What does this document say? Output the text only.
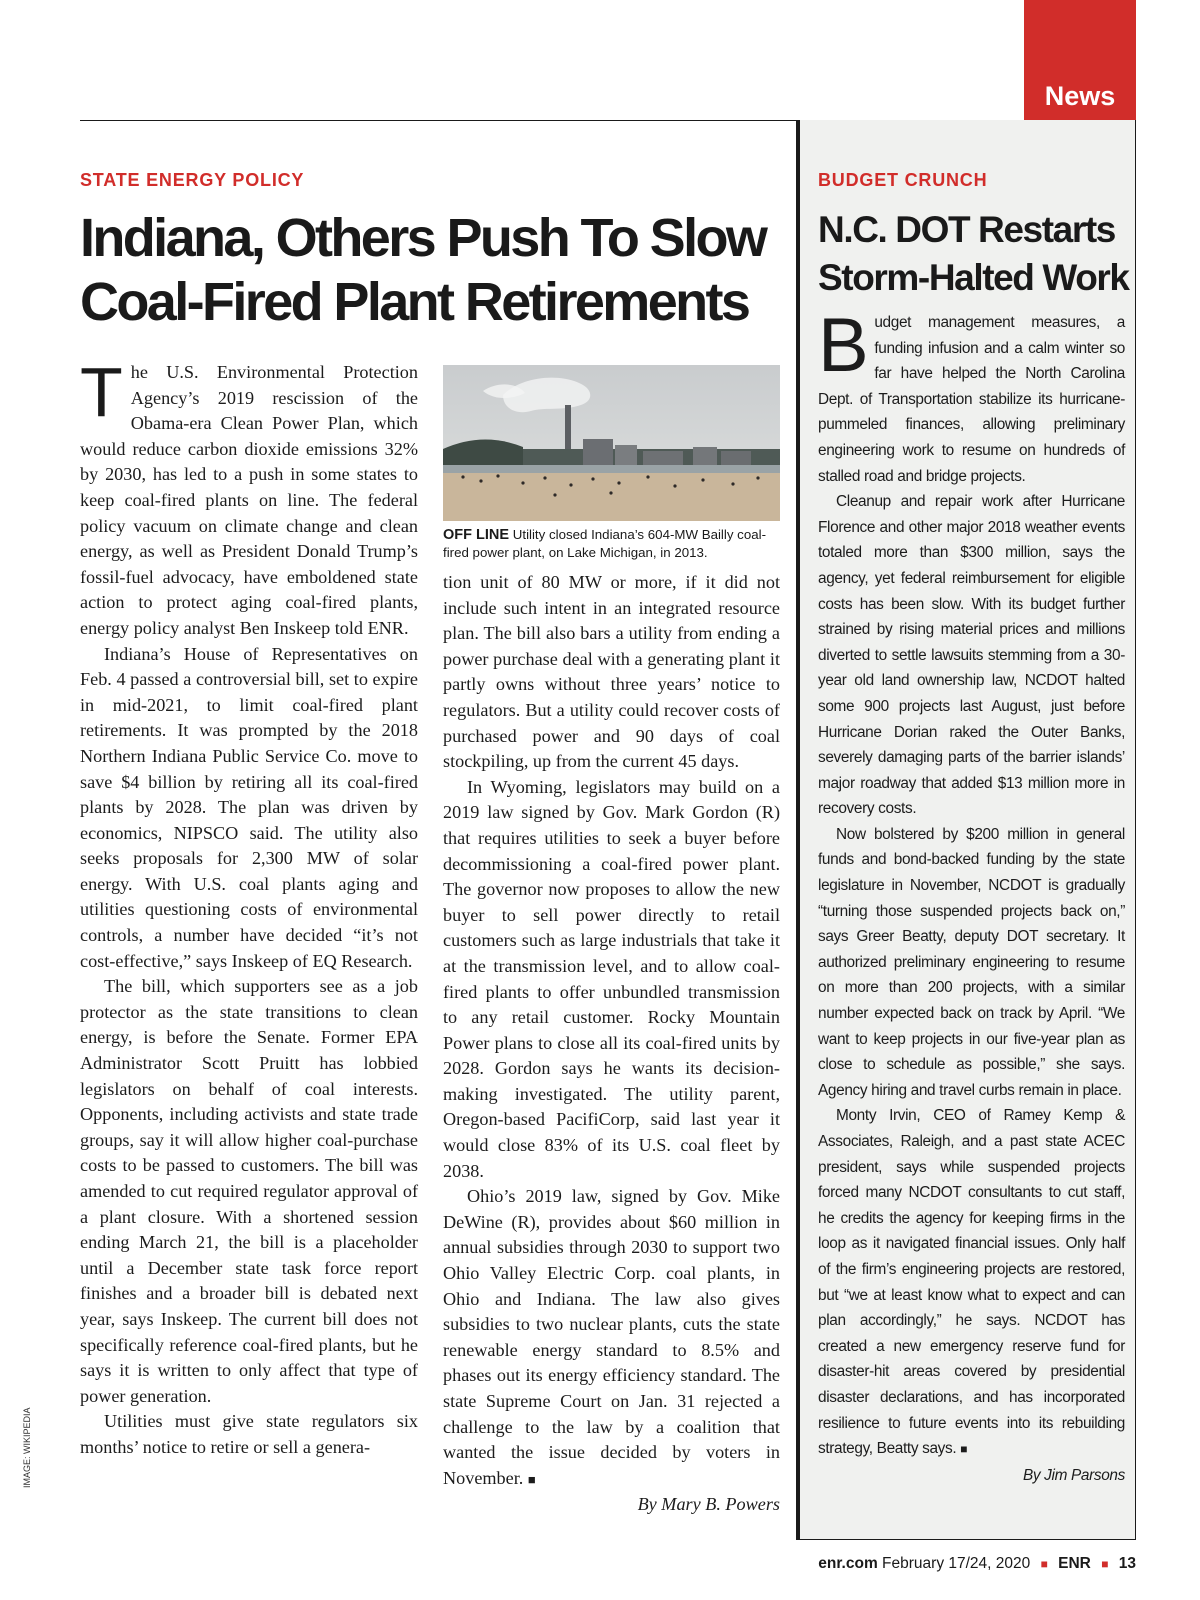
News
IMAGE: WIKIPEDIA
STATE ENERGY POLICY
Indiana, Others Push To Slow Coal-Fired Plant Retirements

The U.S. Environmental Protection Agency’s 2019 rescission of the Obama-era Clean Power Plan, which would reduce carbon dioxide emissions 32% by 2030, has led to a push in some states to keep coal-fired plants on line. The federal policy vacuum on climate change and clean energy, as well as President Donald Trump’s fossil-fuel advocacy, have emboldened state action to protect aging coal-fired plants, energy policy analyst Ben Inskeep told ENR.

Indiana’s House of Representatives on Feb. 4 passed a controversial bill, set to expire in mid-2021, to limit coal-fired plant retirements. It was prompted by the 2018 Northern Indiana Public Service Co. move to save $4 billion by retiring all its coal-fired plants by 2028. The plan was driven by economics, NIPSCO said. The utility also seeks proposals for 2,300 MW of solar energy. With U.S. coal plants aging and utilities questioning costs of environmental controls, a number have decided “it’s not cost-effective,” says Inskeep of EQ Research.

The bill, which supporters see as a job protector as the state transitions to clean energy, is before the Senate. Former EPA Administrator Scott Pruitt has lobbied legislators on behalf of coal interests. Opponents, including activists and state trade groups, say it will allow higher coal-purchase costs to be passed to customers. The bill was amended to cut required regulator approval of a plant closure. With a shortened session ending March 21, the bill is a placeholder until a December state task force report finishes and a broader bill is debated next year, says Inskeep. The current bill does not specifically reference coal-fired plants, but he says it is written to only affect that type of power generation.

Utilities must give state regulators six months’ notice to retire or sell a genera-

OFF LINE Utility closed Indiana’s 604-MW Bailly coal-fired power plant, on Lake Michigan, in 2013.

tion unit of 80 MW or more, if it did not include such intent in an integrated resource plan. The bill also bars a utility from ending a power purchase deal with a generating plant it partly owns without three years’ notice to regulators. But a utility could recover costs of purchased power and 90 days of coal stockpiling, up from the current 45 days.

In Wyoming, legislators may build on a 2019 law signed by Gov. Mark Gordon (R) that requires utilities to seek a buyer before decommissioning a coal-fired power plant. The governor now proposes to allow the new buyer to sell power directly to retail customers such as large industrials that take it at the transmission level, and to allow coal-fired plants to offer unbundled transmission to any retail customer. Rocky Mountain Power plans to close all its coal-fired units by 2028. Gordon says he wants its decision-making investigated. The utility parent, Oregon-based PacifiCorp, said last year it would close 83% of its U.S. coal fleet by 2038.

Ohio’s 2019 law, signed by Gov. Mike DeWine (R), provides about $60 million in annual subsidies through 2030 to support two Ohio Valley Electric Corp. coal plants, in Ohio and Indiana. The law also gives subsidies to two nuclear plants, cuts the state renewable energy standard to 8.5% and phases out its energy efficiency standard. The state Supreme Court on Jan. 31 rejected a challenge to the law by a coalition that wanted the issue decided by voters in November. ■

By Mary B. Powers

BUDGET CRUNCH
N.C. DOT Restarts Storm-Halted Work

Budget management measures, a funding infusion and a calm winter so far have helped the North Carolina Dept. of Transportation stabilize its hurricane-pummeled finances, allowing preliminary engineering work to resume on hundreds of stalled road and bridge projects.

Cleanup and repair work after Hurricane Florence and other major 2018 weather events totaled more than $300 million, says the agency, yet federal reimbursement for eligible costs has been slow. With its budget further strained by rising material prices and millions diverted to settle lawsuits stemming from a 30-year old land ownership law, NCDOT halted some 900 projects last August, just before Hurricane Dorian raked the Outer Banks, severely damaging parts of the barrier islands’ major roadway that added $13 million more in recovery costs.

Now bolstered by $200 million in general funds and bond-backed funding by the state legislature in November, NCDOT is gradually “turning those suspended projects back on,” says Greer Beatty, deputy DOT secretary. It authorized preliminary engineering to resume on more than 200 projects, with a similar number expected back on track by April. “We want to keep projects in our five-year plan as close to schedule as possible,” she says. Agency hiring and travel curbs remain in place.

Monty Irvin, CEO of Ramey Kemp & Associates, Raleigh, and a past state ACEC president, says while suspended projects forced many NCDOT consultants to cut staff, he credits the agency for keeping firms in the loop as it navigated financial issues. Only half of the firm’s engineering projects are restored, but “we at least know what to expect and can plan accordingly,” he says. NCDOT has created a new emergency reserve fund for disaster-hit areas covered by presidential disaster declarations, and has incorporated resilience to future events into its rebuilding strategy, Beatty says. ■

By Jim Parsons

enr.com February 17/24, 2020 ■ ENR ■ 13
